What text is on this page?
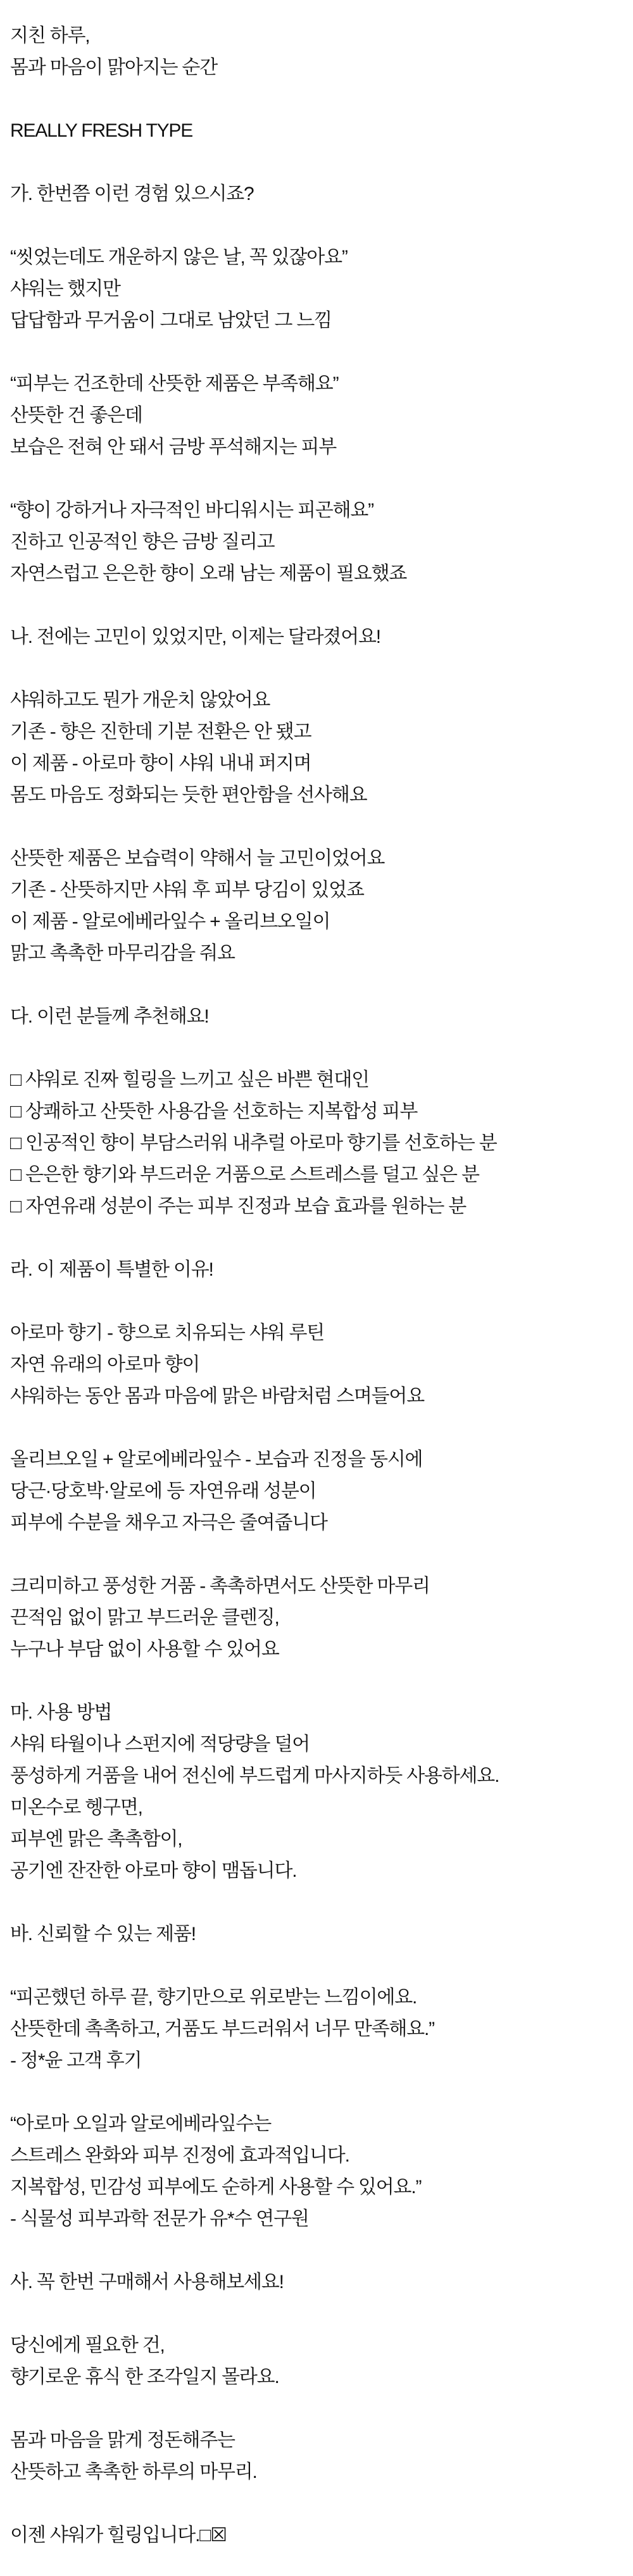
지친 하루,
몸과 마음이 맑아지는 순간

REALLY FRESH TYPE

가. 한번쯤 이런 경험 있으시죠?

“씻었는데도 개운하지 않은 날, 꼭 있잖아요”
샤워는 했지만
답답함과 무거움이 그대로 남았던 그 느낌

“피부는 건조한데 산뜻한 제품은 부족해요”
산뜻한 건 좋은데
보습은 전혀 안 돼서 금방 푸석해지는 피부

“향이 강하거나 자극적인 바디워시는 피곤해요”
진하고 인공적인 향은 금방 질리고
자연스럽고 은은한 향이 오래 남는 제품이 필요했죠

나. 전에는 고민이 있었지만, 이제는 달라졌어요!

샤워하고도 뭔가 개운치 않았어요
기존 - 향은 진한데 기분 전환은 안 됐고
이 제품 - 아로마 향이 샤워 내내 퍼지며
몸도 마음도 정화되는 듯한 편안함을 선사해요

산뜻한 제품은 보습력이 약해서 늘 고민이었어요
기존 - 산뜻하지만 샤워 후 피부 당김이 있었죠
이 제품 - 알로에베라잎수 + 올리브오일이
맑고 촉촉한 마무리감을 줘요

다. 이런 분들께 추천해요!

□ 샤워로 진짜 힐링을 느끼고 싶은 바쁜 현대인
□ 상쾌하고 산뜻한 사용감을 선호하는 지복합성 피부
□ 인공적인 향이 부담스러워 내추럴 아로마 향기를 선호하는 분
□ 은은한 향기와 부드러운 거품으로 스트레스를 덜고 싶은 분
□ 자연유래 성분이 주는 피부 진정과 보습 효과를 원하는 분

라. 이 제품이 특별한 이유!

아로마 향기 - 향으로 치유되는 샤워 루틴
자연 유래의 아로마 향이
샤워하는 동안 몸과 마음에 맑은 바람처럼 스며들어요

올리브오일 + 알로에베라잎수 - 보습과 진정을 동시에
당근·당호박·알로에 등 자연유래 성분이
피부에 수분을 채우고 자극은 줄여줍니다

크리미하고 풍성한 거품 - 촉촉하면서도 산뜻한 마무리
끈적임 없이 맑고 부드러운 클렌징,
누구나 부담 없이 사용할 수 있어요

마. 사용 방법
샤워 타월이나 스펀지에 적당량을 덜어
풍성하게 거품을 내어 전신에 부드럽게 마사지하듯 사용하세요.
미온수로 헹구면,
피부엔 맑은 촉촉함이,
공기엔 잔잔한 아로마 향이 맴돕니다.

바. 신뢰할 수 있는 제품!

“피곤했던 하루 끝, 향기만으로 위로받는 느낌이에요.
산뜻한데 촉촉하고, 거품도 부드러워서 너무 만족해요.”
- 정*윤 고객 후기

“아로마 오일과 알로에베라잎수는
스트레스 완화와 피부 진정에 효과적입니다.
지복합성, 민감성 피부에도 순하게 사용할 수 있어요.”
- 식물성 피부과학 전문가 유*수 연구원

사. 꼭 한번 구매해서 사용해보세요!

당신에게 필요한 건,
향기로운 휴식 한 조각일지 몰라요.

몸과 마음을 맑게 정돈해주는
산뜻하고 촉촉한 하루의 마무리.

이젠 샤워가 힐링입니다.□☒
